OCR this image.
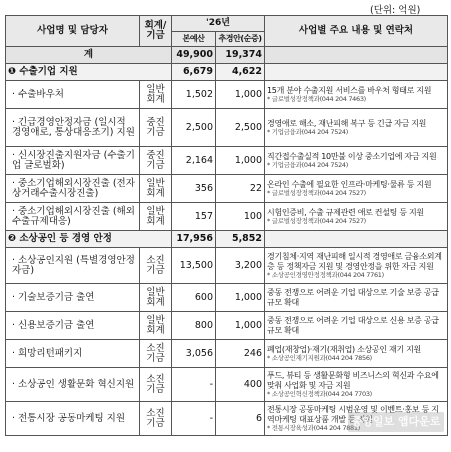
(단위: 억원)
사업명 및 담당자	회계/기금	'26년		사업별 주요 내용 및 연락처
		본예산	추경안(순증)	
계		49,900	19,374	
❶ 수출기업 지원		6,679	4,622	
· 수출바우처	일반회계	1,502	1,000	15개 분야 수출지원 서비스를 바우처 형태로 지원
* 글로벌성장정책과(044 204 7463)

· 긴급경영안정자금 (일시적 경영애로, 통상대응조기) 지원	중진기금	2,500	2,500	경영애로 해소, 재난피해 복구 등 긴급 자금 지원
* 기업금융과(044 204 7524)

· 신시장진출지원자금 (수출기업 글로벌화)	중진기금	2,164	1,000	직간접수출실적 10만불 이상 중소기업에 자금 지원
* 기업금융과(044 204 7524)

· 중소기업해외시장진출 (전자상거래수출시장진출)	일반회계	356	22	온라인 수출에 필요한 인프라·마케팅·물류 등 지원
* 글로벌성장정책과(044 204 7527)

· 중소기업해외시장진출 (해외수출규제대응)	일반회계	157	100	시험인증비, 수출 규제관련 애로 컨설팅 등 지원
* 글로벌성장정책과(044 204 7527)

❷ 소상공인 등 경영 안정		17,956	5,852	
· 소상공인지원 (특별경영안정자금)	소진기금	13,500	3,200	경기침체·지역 재난피해 일시적 경영애로 금융소외계층 등 정책자금 지원 및 경영안정을 위한 자금 지원
* 소상공인경영안정정책과(044 204 7761)

· 기술보증기금 출연	일반회계	600	1,000	중동 전쟁으로 어려운 기업 대상으로 기술 보증 공급 규모 확대

· 신용보증기금 출연	일반회계	800	1,000	중동 전쟁으로 어려운 기업 대상으로 신용 보증 공급 규모 확대

· 희망리턴패키지	소진기금	3,056	246	폐업(재창업)·재기(재취업) 소상공인 재기 지원
* 소상공인재기지원과(044 204 7856)

· 소상공인 생활문화 혁신지원	소진기금	-	400	푸드, 뷰티 등 생활문화형 비즈니스의 혁신과 수요에 맞춰 사업화 및 자금 지원
* 소상공인혁신정책과(044 204 7703)

· 전통시장 공동마케팅 지원	소진기금	-	6	전통시장 공동마케팅 시범운영 및 이벤트·홍보 등 지역마케팅 대표상품 개발 등 지원
* 전통시장육성과(044 204 7881)
중앙일보 앱다운로드
